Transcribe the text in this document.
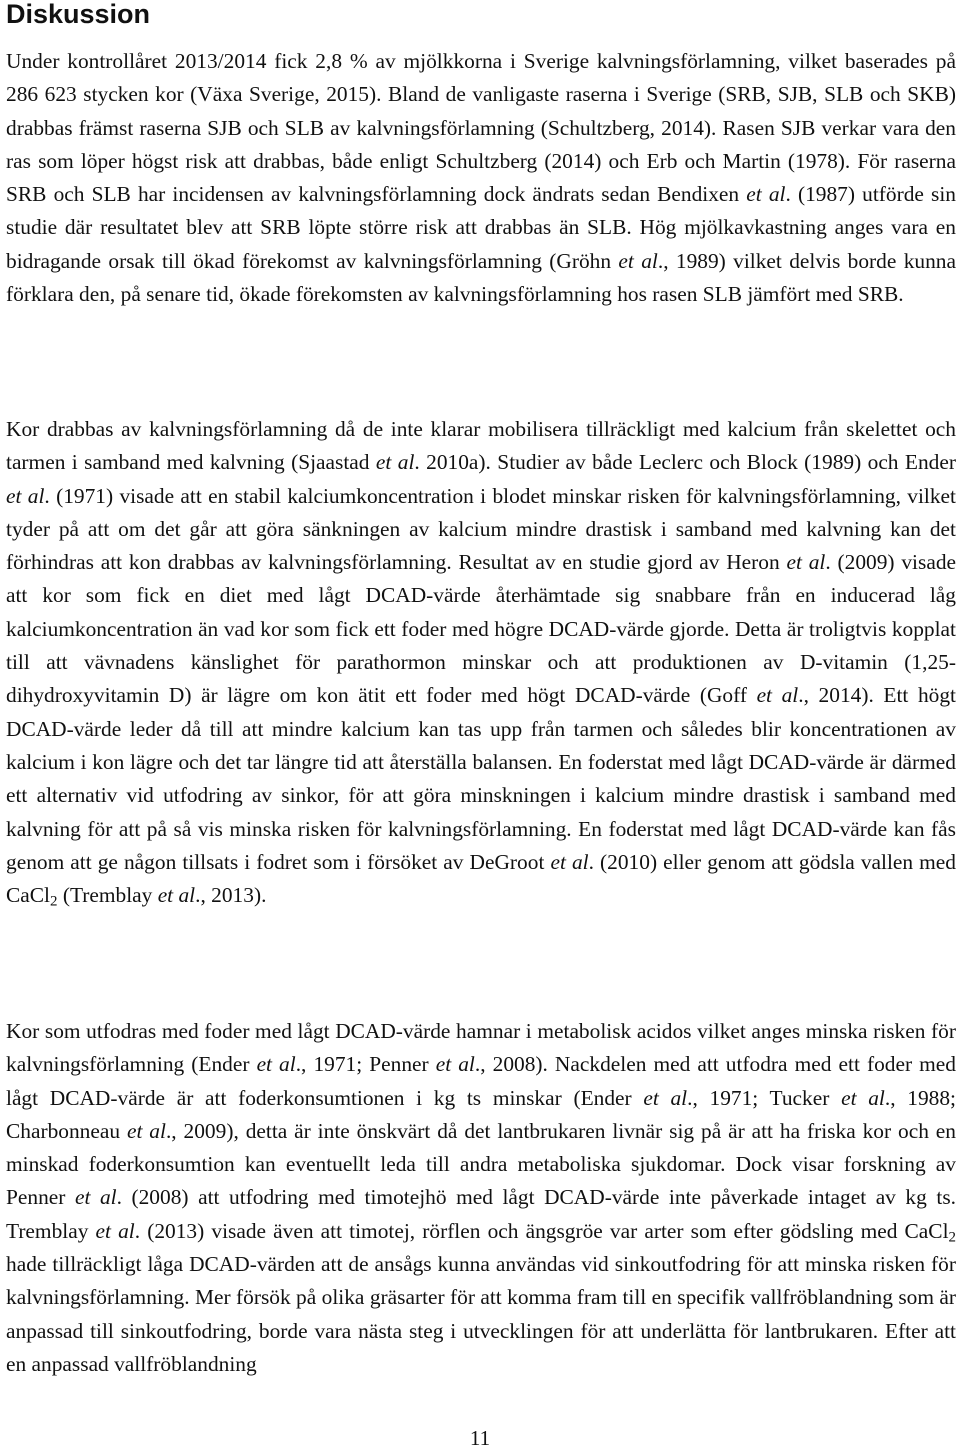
Diskussion

Under kontrollåret 2013/2014 fick 2,8 % av mjölkkorna i Sverige kalvningsförlamning, vilket baserades på 286 623 stycken kor (Växa Sverige, 2015). Bland de vanligaste raserna i Sverige (SRB, SJB, SLB och SKB) drabbas främst raserna SJB och SLB av kalvningsförlamning (Schultzberg, 2014). Rasen SJB verkar vara den ras som löper högst risk att drabbas, både enligt Schultzberg (2014) och Erb och Martin (1978). För raserna SRB och SLB har incidensen av kalvningsförlamning dock ändrats sedan Bendixen et al. (1987) utförde sin studie där resultatet blev att SRB löpte större risk att drabbas än SLB. Hög mjölkavkastning anges vara en bidragande orsak till ökad förekomst av kalvningsförlamning (Gröhn et al., 1989) vilket delvis borde kunna förklara den, på senare tid, ökade förekomsten av kalvningsförlamning hos rasen SLB jämfört med SRB.

Kor drabbas av kalvningsförlamning då de inte klarar mobilisera tillräckligt med kalcium från skelettet och tarmen i samband med kalvning (Sjaastad et al. 2010a). Studier av både Leclerc och Block (1989) och Ender et al. (1971) visade att en stabil kalciumkoncentration i blodet minskar risken för kalvningsförlamning, vilket tyder på att om det går att göra sänkningen av kalcium mindre drastisk i samband med kalvning kan det förhindras att kon drabbas av kalvningsförlamning. Resultat av en studie gjord av Heron et al. (2009) visade att kor som fick en diet med lågt DCAD-värde återhämtade sig snabbare från en inducerad låg kalciumkoncentration än vad kor som fick ett foder med högre DCAD-värde gjorde. Detta är troligtvis kopplat till att vävnadens känslighet för parathormon minskar och att produktionen av D-vitamin (1,25-dihydroxyvitamin D) är lägre om kon ätit ett foder med högt DCAD-värde (Goff et al., 2014). Ett högt DCAD-värde leder då till att mindre kalcium kan tas upp från tarmen och således blir koncentrationen av kalcium i kon lägre och det tar längre tid att återställa balansen. En foderstat med lågt DCAD-värde är därmed ett alternativ vid utfodring av sinkor, för att göra minskningen i kalcium mindre drastisk i samband med kalvning för att på så vis minska risken för kalvningsförlamning. En foderstat med lågt DCAD-värde kan fås genom att ge någon tillsats i fodret som i försöket av DeGroot et al. (2010) eller genom att gödsla vallen med CaCl$_2$ (Tremblay et al., 2013).

Kor som utfodras med foder med lågt DCAD-värde hamnar i metabolisk acidos vilket anges minska risken för kalvningsförlamning (Ender et al., 1971; Penner et al., 2008). Nackdelen med att utfodra med ett foder med lågt DCAD-värde är att foderkonsumtionen i kg ts minskar (Ender et al., 1971; Tucker et al., 1988; Charbonneau et al., 2009), detta är inte önskvärt då det lantbrukaren livnär sig på är att ha friska kor och en minskad foderkonsumtion kan eventuellt leda till andra metaboliska sjukdomar. Dock visar forskning av Penner et al. (2008) att utfodring med timotejhö med lågt DCAD-värde inte påverkade intaget av kg ts. Tremblay et al. (2013) visade även att timotej, rörflen och ängsgröe var arter som efter gödsling med CaCl$_2$ hade tillräckligt låga DCAD-värden att de ansågs kunna användas vid sinkoutfodring för att minska risken för kalvningsförlamning. Mer försök på olika gräsarter för att komma fram till en specifik vallfröblandning som är anpassad till sinkoutfodring, borde vara nästa steg i utvecklingen för att underlätta för lantbrukaren. Efter att en anpassad vallfröblandning

11
